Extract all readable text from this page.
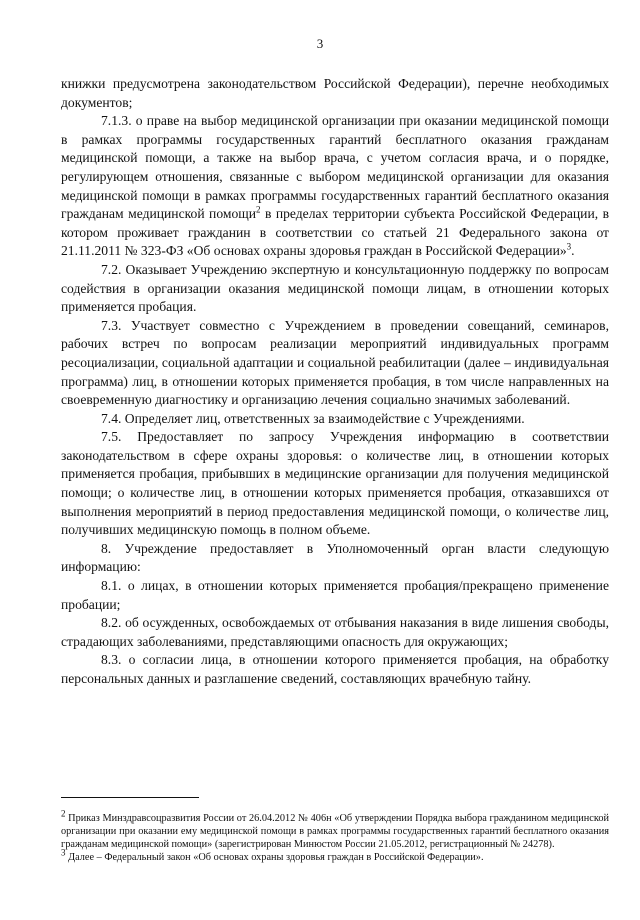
3

книжки предусмотрена законодательством Российской Федерации), перечне необходимых документов;

7.1.3. о праве на выбор медицинской организации при оказании медицинской помощи в рамках программы государственных гарантий бесплатного оказания гражданам медицинской помощи, а также на выбор врача, с учетом согласия врача, и о порядке, регулирующем отношения, связанные с выбором медицинской организации для оказания медицинской помощи в рамках программы государственных гарантий бесплатного оказания гражданам медицинской помощи$^2$ в пределах территории субъекта Российской Федерации, в котором проживает гражданин в соответствии со статьей 21 Федерального закона от 21.11.2011 № 323-ФЗ «Об основах охраны здоровья граждан в Российской Федерации»$^3$.

7.2. Оказывает Учреждению экспертную и консультационную поддержку по вопросам содействия в организации оказания медицинской помощи лицам, в отношении которых применяется пробация.

7.3. Участвует совместно с Учреждением в проведении совещаний, семинаров, рабочих встреч по вопросам реализации мероприятий индивидуальных программ ресоциализации, социальной адаптации и социальной реабилитации (далее – индивидуальная программа) лиц, в отношении которых применяется пробация, в том числе направленных на своевременную диагностику и организацию лечения социально значимых заболеваний.

7.4. Определяет лиц, ответственных за взаимодействие с Учреждениями.

7.5. Предоставляет по запросу Учреждения информацию в соответствии законодательством в сфере охраны здоровья: о количестве лиц, в отношении которых применяется пробация, прибывших в медицинские организации для получения медицинской помощи; о количестве лиц, в отношении которых применяется пробация, отказавшихся от выполнения мероприятий в период предоставления медицинской помощи, о количестве лиц, получивших медицинскую помощь в полном объеме.

8. Учреждение предоставляет в Уполномоченный орган власти следующую информацию:

8.1. о лицах, в отношении которых применяется пробация/прекращено применение пробации;

8.2. об осужденных, освобождаемых от отбывания наказания в виде лишения свободы, страдающих заболеваниями, представляющими опасность для окружающих;

8.3. о согласии лица, в отношении которого применяется пробация, на обработку персональных данных и разглашение сведений, составляющих врачебную тайну.

$^2$ Приказ Минздравсоцразвития России от 26.04.2012 № 406н «Об утверждении Порядка выбора гражданином медицинской организации при оказании ему медицинской помощи в рамках программы государственных гарантий бесплатного оказания гражданам медицинской помощи» (зарегистрирован Минюстом России 21.05.2012, регистрационный № 24278).

$^3$ Далее – Федеральный закон «Об основах охраны здоровья граждан в Российской Федерации».
